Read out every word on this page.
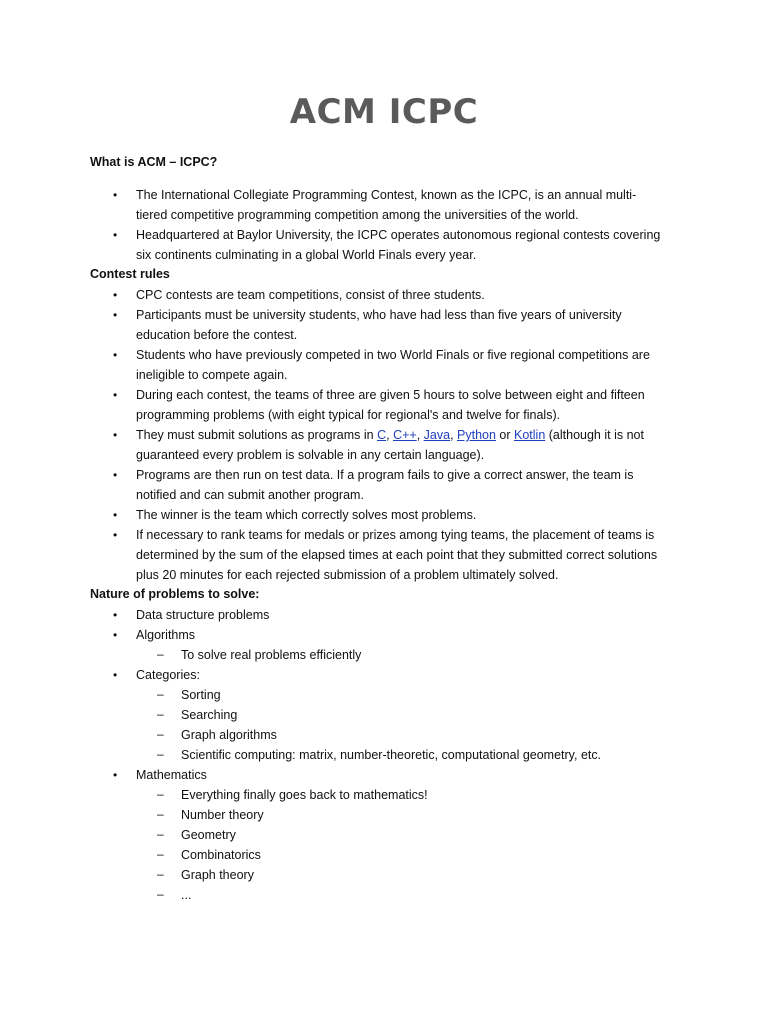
ACM ICPC
What is ACM – ICPC?
•	The International Collegiate Programming Contest, known as the ICPC, is an annual multi-
tiered competitive programming competition among the universities of the world.
•	Headquartered at Baylor University, the ICPC operates autonomous regional contests covering
six continents culminating in a global World Finals every year.
Contest rules
•	CPC contests are team competitions, consist of three students.
•	Participants must be university students, who have had less than five years of university
education before the contest.
•	Students who have previously competed in two World Finals or five regional competitions are
ineligible to compete again.
•	During each contest, the teams of three are given 5 hours to solve between eight and fifteen
programming problems (with eight typical for regional's and twelve for finals).
•	They must submit solutions as programs in C, C++, Java, Python or Kotlin (although it is not
guaranteed every problem is solvable in any certain language).
•	Programs are then run on test data. If a program fails to give a correct answer, the team is
notified and can submit another program.
•	The winner is the team which correctly solves most problems.
•	If necessary to rank teams for medals or prizes among tying teams, the placement of teams is
determined by the sum of the elapsed times at each point that they submitted correct solutions
plus 20 minutes for each rejected submission of a problem ultimately solved.
Nature of problems to solve:
•	Data structure problems
•	Algorithms
–	To solve real problems efficiently
•	Categories:
–	Sorting
–	Searching
–	Graph algorithms
–	Scientific computing: matrix, number-theoretic, computational geometry, etc.
•	Mathematics
–	Everything finally goes back to mathematics!
–	Number theory
–	Geometry
–	Combinatorics
–	Graph theory
–	...
